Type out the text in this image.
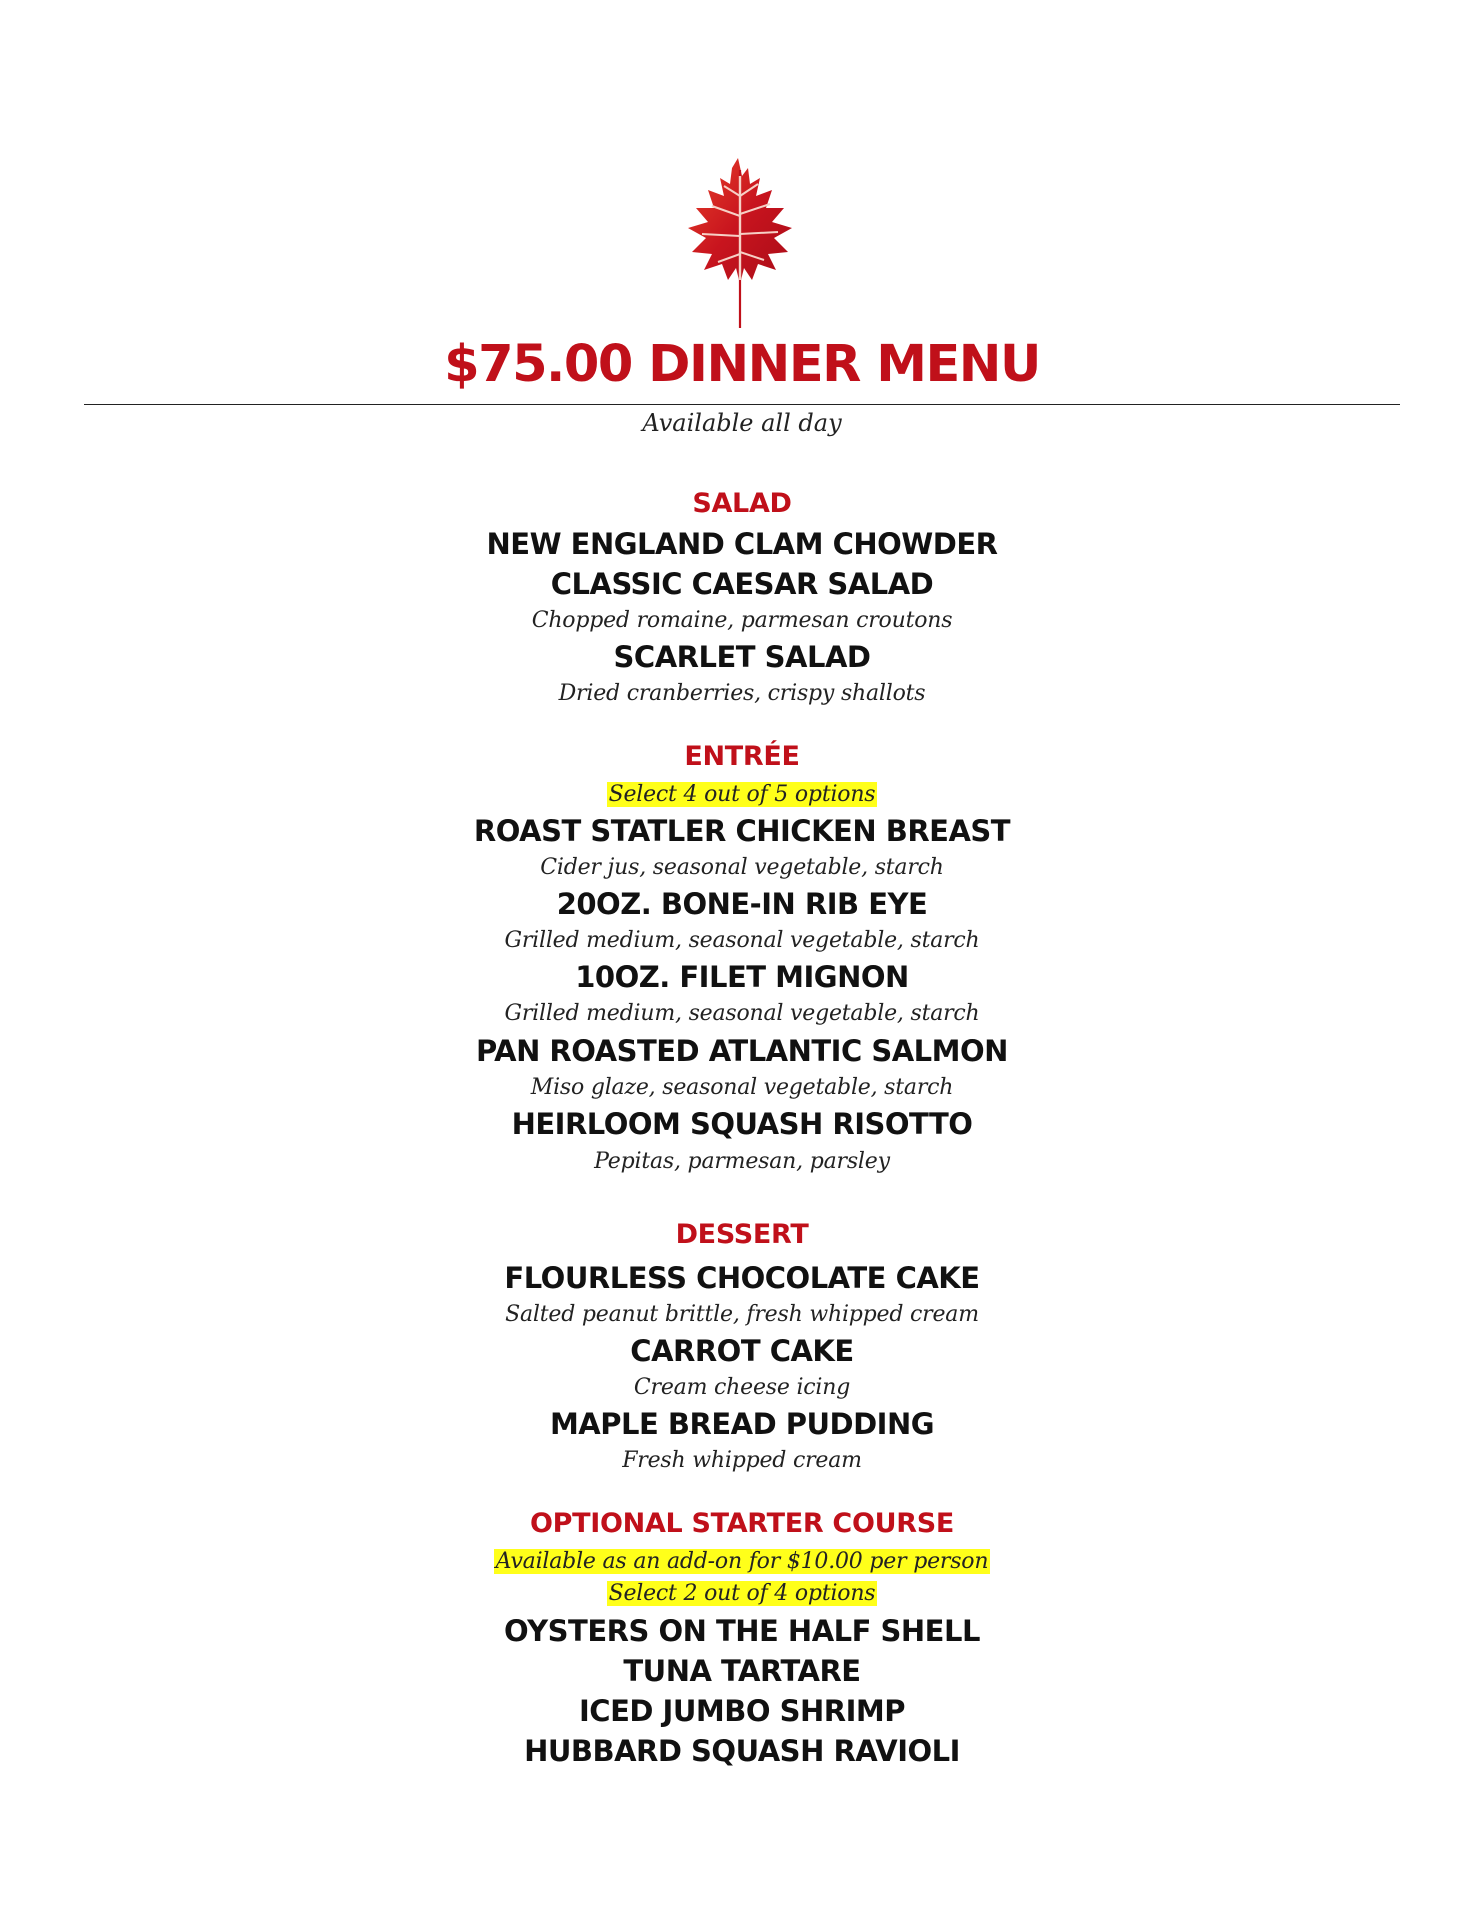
$75.00 DINNER MENU
Available all day
SALAD
NEW ENGLAND CLAM CHOWDER
CLASSIC CAESAR SALAD
Chopped romaine, parmesan croutons
SCARLET SALAD
Dried cranberries, crispy shallots
ENTRÉE
Select 4 out of 5 options
ROAST STATLER CHICKEN BREAST
Cider jus, seasonal vegetable, starch
20OZ. BONE-IN RIB EYE
Grilled medium, seasonal vegetable, starch
10OZ. FILET MIGNON
Grilled medium, seasonal vegetable, starch
PAN ROASTED ATLANTIC SALMON
Miso glaze, seasonal vegetable, starch
HEIRLOOM SQUASH RISOTTO
Pepitas, parmesan, parsley
DESSERT
FLOURLESS CHOCOLATE CAKE
Salted peanut brittle, fresh whipped cream
CARROT CAKE
Cream cheese icing
MAPLE BREAD PUDDING
Fresh whipped cream
OPTIONAL STARTER COURSE
Available as an add-on for $10.00 per person
Select 2 out of 4 options
OYSTERS ON THE HALF SHELL
TUNA TARTARE
ICED JUMBO SHRIMP
HUBBARD SQUASH RAVIOLI
